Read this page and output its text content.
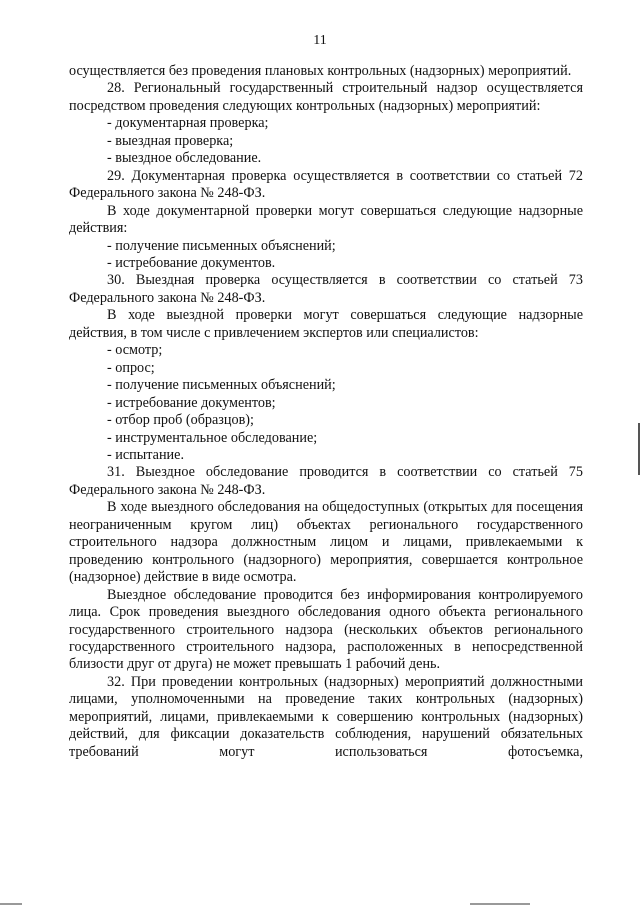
11

осуществляется без проведения плановых контрольных (надзорных) мероприятий.

28. Региональный государственный строительный надзор осуществляется посредством проведения следующих контрольных (надзорных) мероприятий:

- документарная проверка;

- выездная проверка;

- выездное обследование.

29. Документарная проверка осуществляется в соответствии со статьей 72 Федерального закона № 248-ФЗ.

В ходе документарной проверки могут совершаться следующие надзорные действия:

- получение письменных объяснений;

- истребование документов.

30. Выездная проверка осуществляется в соответствии со статьей 73 Федерального закона № 248-ФЗ.

В ходе выездной проверки могут совершаться следующие надзорные действия, в том числе с привлечением экспертов или специалистов:

- осмотр;

- опрос;

- получение письменных объяснений;

- истребование документов;

- отбор проб (образцов);

- инструментальное обследование;

- испытание.

31. Выездное обследование проводится в соответствии со статьей 75 Федерального закона № 248-ФЗ.

В ходе выездного обследования на общедоступных (открытых для посещения неограниченным кругом лиц) объектах регионального государственного строительного надзора должностным лицом и лицами, привлекаемыми к проведению контрольного (надзорного) мероприятия, совершается контрольное (надзорное) действие в виде осмотра.

Выездное обследование проводится без информирования контролируемого лица. Срок проведения выездного обследования одного объекта регионального государственного строительного надзора (нескольких объектов регионального государственного строительного надзора, расположенных в непосредственной близости друг от друга) не может превышать 1 рабочий день.

32. При проведении контрольных (надзорных) мероприятий должностными лицами, уполномоченными на проведение таких контрольных (надзорных) мероприятий, лицами, привлекаемыми к совершению контрольных (надзорных) действий, для фиксации доказательств соблюдения, нарушений обязательных требований могут использоваться фотосъемка,
